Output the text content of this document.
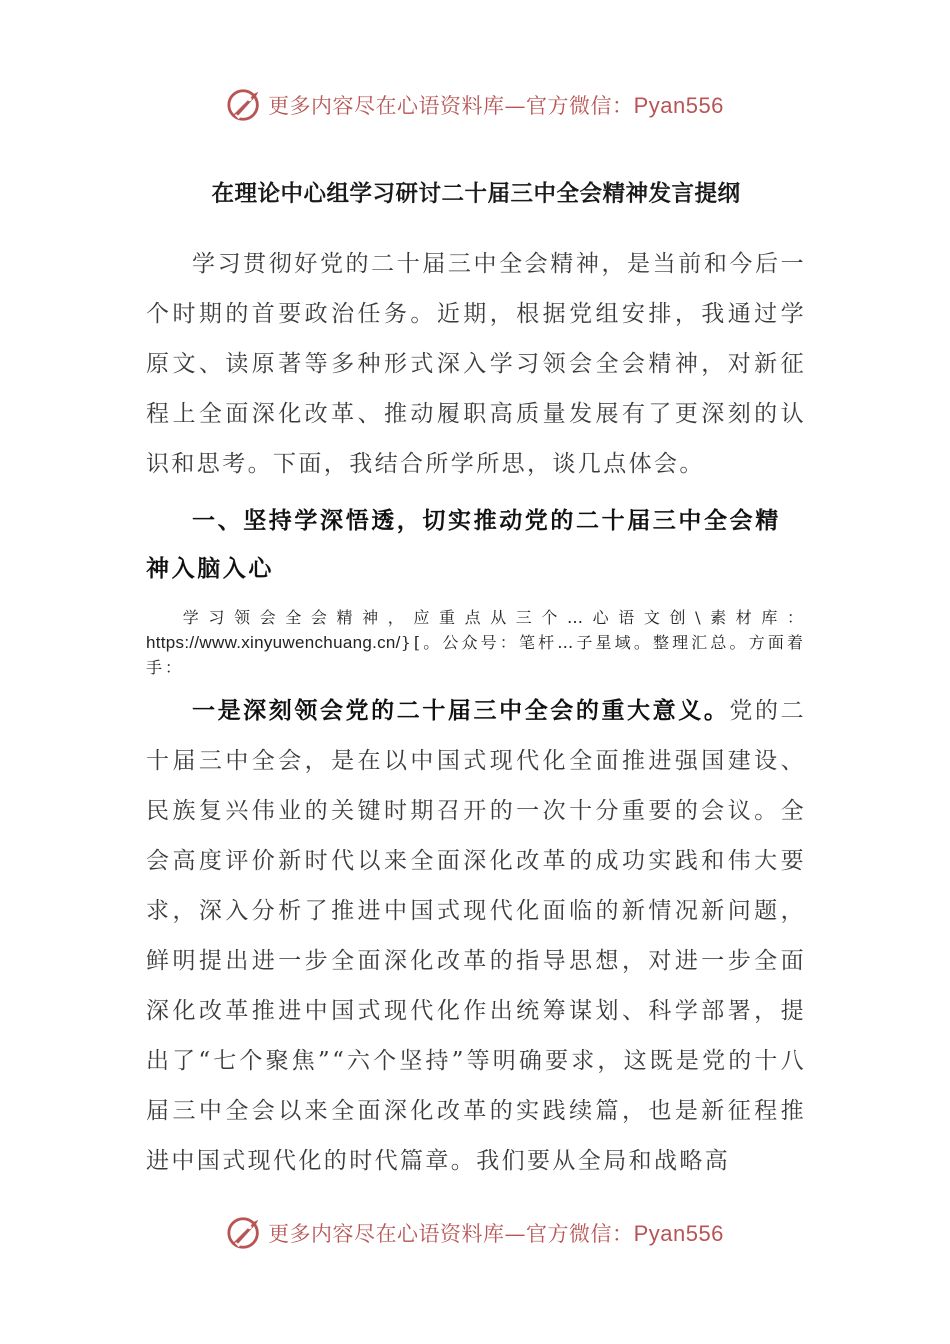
更多内容尽在心语资料库—官方微信：Pyan556
在理论中心组学习研讨二十届三中全会精神发言提纲

学习贯彻好党的二十届三中全会精神，是当前和今后一个时期的首要政治任务。近期，根据党组安排，我通过学原文、读原著等多种形式深入学习领会全会精神，对新征程上全面深化改革、推动履职高质量发展有了更深刻的认识和思考。下面，我结合所学所思，谈几点体会。

一、坚持学深悟透，切实推动党的二十届三中全会精神入脑入心

学习领会全会精神，应重点从三个…心语文创\素材库：https://www.xinyuwenchuang.cn/}[。公众号：笔杆…子星域。整理汇总。方面着手：

一是深刻领会党的二十届三中全会的重大意义。党的二十届三中全会，是在以中国式现代化全面推进强国建设、民族复兴伟业的关键时期召开的一次十分重要的会议。全会高度评价新时代以来全面深化改革的成功实践和伟大要求，深入分析了推进中国式现代化面临的新情况新问题，鲜明提出进一步全面深化改革的指导思想，对进一步全面深化改革推进中国式现代化作出统筹谋划、科学部署，提出了“七个聚焦”“六个坚持”等明确要求，这既是党的十八届三中全会以来全面深化改革的实践续篇，也是新征程推进中国式现代化的时代篇章。我们要从全局和战略高

更多内容尽在心语资料库—官方微信：Pyan556
